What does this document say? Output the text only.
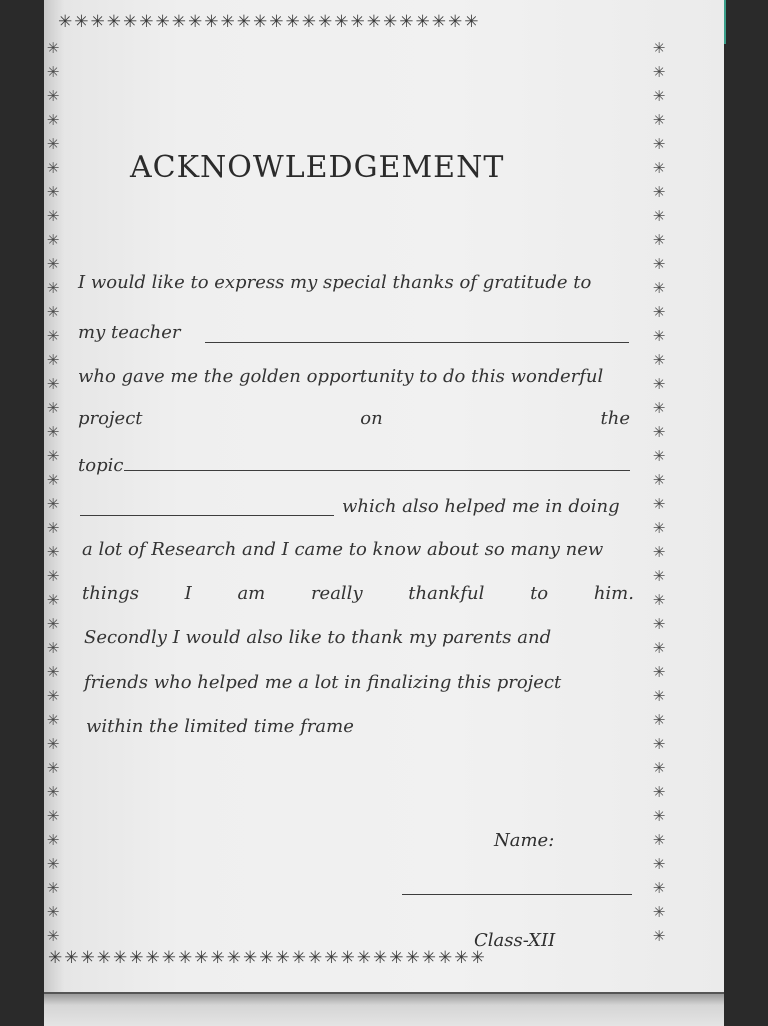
✳ ✳ ✳ ✳ ✳ ✳ ✳ ✳ ✳ ✳ ✳ ✳ ✳ ✳ ✳ ✳ ✳ ✳ ✳ ✳ ✳ ✳ ✳ ✳ ✳ ✳
✳ ✳ ✳ ✳ ✳ ✳ ✳ ✳ ✳ ✳ ✳ ✳ ✳ ✳ ✳ ✳ ✳ ✳ ✳ ✳ ✳ ✳ ✳ ✳ ✳ ✳ ✳
✳
✳
✳
✳
✳
✳
✳
✳
✳
✳
✳
✳
✳
✳
✳
✳
✳
✳
✳
✳
✳
✳
✳
✳
✳
✳
✳
✳
✳
✳
✳
✳
✳
✳
✳
✳
✳
✳
✳
✳
✳
✳
✳
✳
✳
✳
✳
✳
✳
✳
✳
✳
✳
✳
✳
✳
✳
✳
✳
✳
✳
✳
✳
✳
✳
✳
✳
✳
✳
✳
✳
✳
✳
✳
✳
✳
ACKNOWLEDGEMENT
I would like to express my special thanks of gratitude to
my teacher
who gave me the golden opportunity to do this wonderful
project	on	the
topic
which also helped me in doing
a lot of Research and I came to know about so many new
things	I	am	really	thankful	to	him.
Secondly I would also like to thank my parents and
friends who helped me a lot in finalizing this project
within the limited time frame
Name:
Class-XII
